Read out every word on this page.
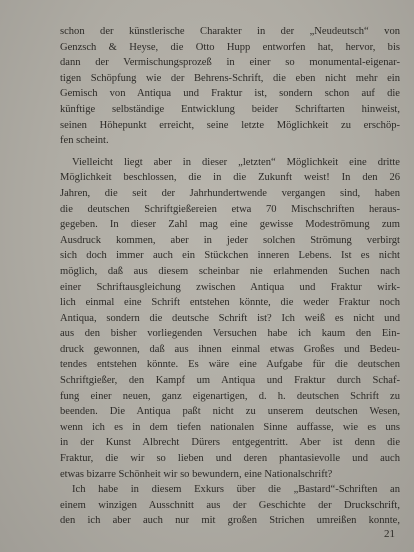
schon der künstlerische Charakter in der „Neudeutsch“ von
Genzsch & Heyse, die Otto Hupp entworfen hat, hervor, bis
dann der Vermischungsprozeß in einer so monumental-eigenar-
tigen Schöpfung wie der Behrens-Schrift, die eben nicht mehr ein
Gemisch von Antiqua und Fraktur ist, sondern schon auf die
künftige selbständige Entwicklung beider Schriftarten hinweist,
seinen Höhepunkt erreicht, seine letzte Möglichkeit zu erschöp-
fen scheint.
Vielleicht liegt aber in dieser „letzten“ Möglichkeit eine dritte
Möglichkeit beschlossen, die in die Zukunft weist! In den 26
Jahren, die seit der Jahrhundertwende vergangen sind, haben
die deutschen Schriftgießereien etwa 70 Mischschriften heraus-
gegeben. In dieser Zahl mag eine gewisse Modeströmung zum
Ausdruck kommen, aber in jeder solchen Strömung verbirgt
sich doch immer auch ein Stückchen inneren Lebens. Ist es nicht
möglich, daß aus diesem scheinbar nie erlahmenden Suchen nach
einer Schriftausgleichung zwischen Antiqua und Fraktur wirk-
lich einmal eine Schrift entstehen könnte, die weder Fraktur noch
Antiqua, sondern die deutsche Schrift ist? Ich weiß es nicht und
aus den bisher vorliegenden Versuchen habe ich kaum den Ein-
druck gewonnen, daß aus ihnen einmal etwas Großes und Bedeu-
tendes entstehen könnte. Es wäre eine Aufgabe für die deutschen
Schriftgießer, den Kampf um Antiqua und Fraktur durch Schaf-
fung einer neuen, ganz eigenartigen, d. h. deutschen Schrift zu
beenden. Die Antiqua paßt nicht zu unserem deutschen Wesen,
wenn ich es in dem tiefen nationalen Sinne auffasse, wie es uns
in der Kunst Albrecht Dürers entgegentritt. Aber ist denn die
Fraktur, die wir so lieben und deren phantasievolle und auch
etwas bizarre Schönheit wir so bewundern, eine Nationalschrift?
Ich habe in diesem Exkurs über die „Bastard“-Schriften an
einem winzigen Ausschnitt aus der Geschichte der Druckschrift,
den ich aber auch nur mit großen Strichen umreißen konnte,
21
